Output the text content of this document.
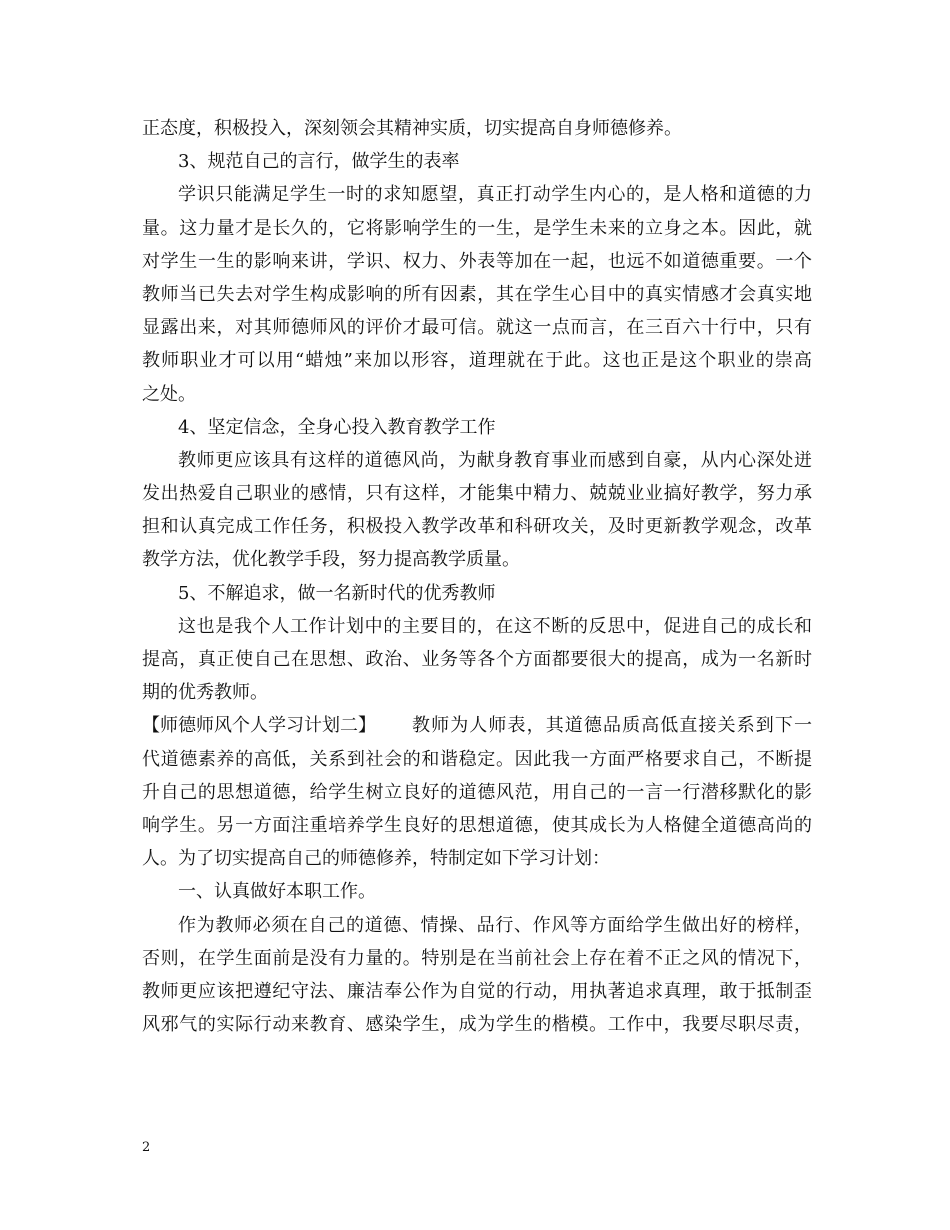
正态度，积极投入，深刻领会其精神实质，切实提高自身师德修养。
3、规范自己的言行，做学生的表率
学识只能满足学生一时的求知愿望，真正打动学生内心的，是人格和道德的力
量。这力量才是长久的，它将影响学生的一生，是学生未来的立身之本。因此，就
对学生一生的影响来讲，学识、权力、外表等加在一起，也远不如道德重要。一个
教师当已失去对学生构成影响的所有因素，其在学生心目中的真实情感才会真实地
显露出来，对其师德师风的评价才最可信。就这一点而言，在三百六十行中，只有
教师职业才可以用“蜡烛”来加以形容，道理就在于此。这也正是这个职业的崇高
之处。
4、坚定信念，全身心投入教育教学工作
教师更应该具有这样的道德风尚，为献身教育事业而感到自豪，从内心深处迸
发出热爱自己职业的感情，只有这样，才能集中精力、兢兢业业搞好教学，努力承
担和认真完成工作任务，积极投入教学改革和科研攻关，及时更新教学观念，改革
教学方法，优化教学手段，努力提高教学质量。
5、不解追求，做一名新时代的优秀教师
这也是我个人工作计划中的主要目的，在这不断的反思中，促进自己的成长和
提高，真正使自己在思想、政治、业务等各个方面都要很大的提高，成为一名新时
期的优秀教师。
【师德师风个人学习计划二】 教师为人师表，其道德品质高低直接关系到下一
代道德素养的高低，关系到社会的和谐稳定。因此我一方面严格要求自己，不断提
升自己的思想道德，给学生树立良好的道德风范，用自己的一言一行潜移默化的影
响学生。另一方面注重培养学生良好的思想道德，使其成长为人格健全道德高尚的
人。为了切实提高自己的师德修养，特制定如下学习计划：
一、认真做好本职工作。
作为教师必须在自己的道德、情操、品行、作风等方面给学生做出好的榜样，
否则，在学生面前是没有力量的。特别是在当前社会上存在着不正之风的情况下，
教师更应该把遵纪守法、廉洁奉公作为自觉的行动，用执著追求真理，敢于抵制歪
风邪气的实际行动来教育、感染学生，成为学生的楷模。工作中，我要尽职尽责，
2
